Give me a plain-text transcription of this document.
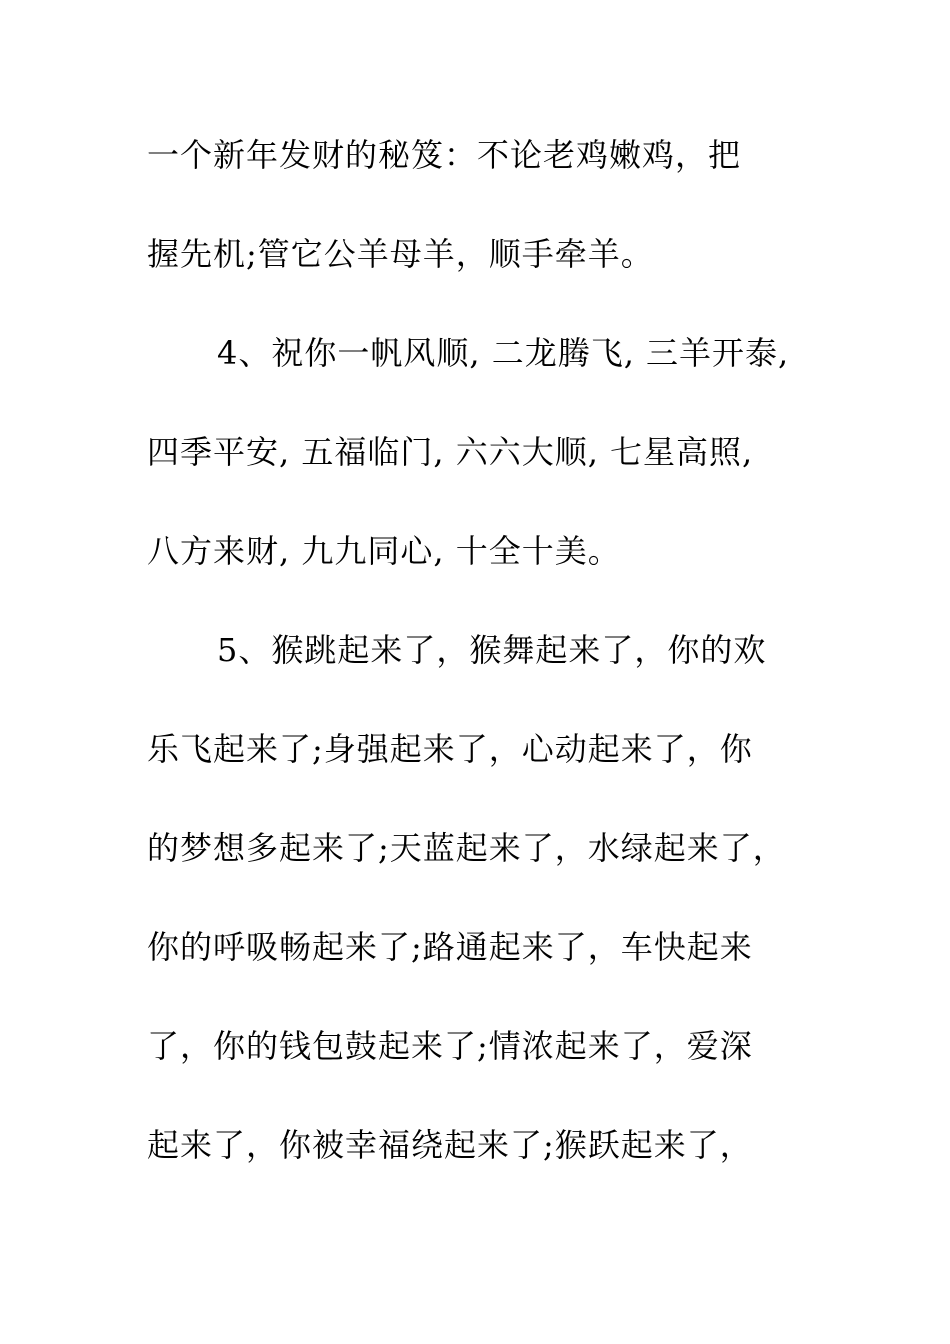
一个新年发财的秘笈：不论老鸡嫩鸡，把
握先机;管它公羊母羊，顺手牵羊。
4、祝你一帆风顺, 二龙腾飞, 三羊开泰,
四季平安, 五福临门, 六六大顺, 七星高照,
八方来财, 九九同心, 十全十美。
5、猴跳起来了，猴舞起来了，你的欢
乐飞起来了;身强起来了，心动起来了，你
的梦想多起来了;天蓝起来了，水绿起来了，
你的呼吸畅起来了;路通起来了，车快起来
了，你的钱包鼓起来了;情浓起来了，爱深
起来了，你被幸福绕起来了;猴跃起来了，
